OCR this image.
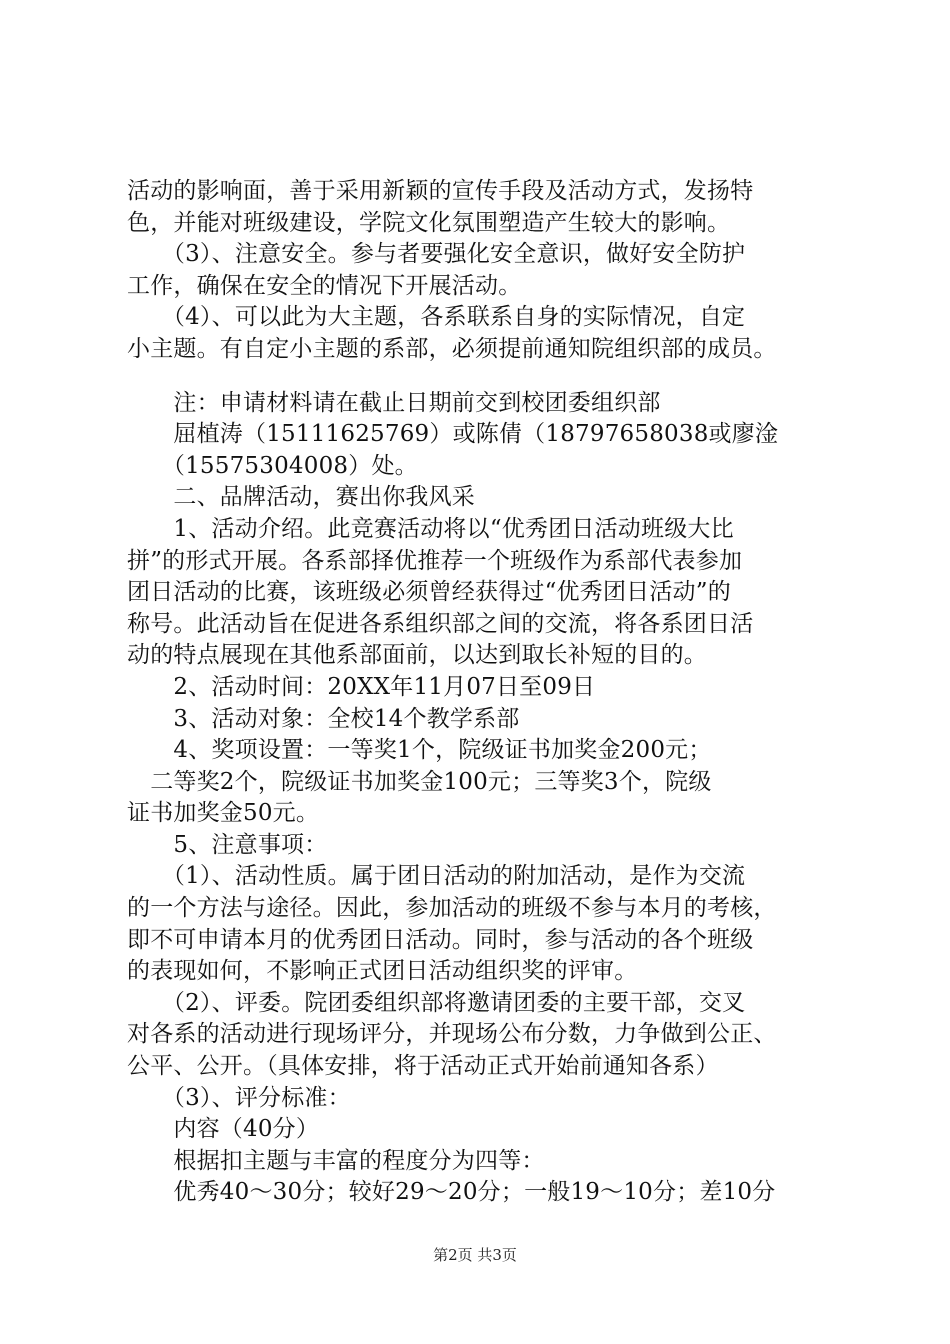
活动的影响面，善于采用新颖的宣传手段及活动方式，发扬特
色，并能对班级建设，学院文化氛围塑造产生较大的影响。
　　（3）、注意安全。参与者要强化安全意识，做好安全防护
工作，确保在安全的情况下开展活动。
　　（4）、可以此为大主题，各系联系自身的实际情况，自定
小主题。有自定小主题的系部，必须提前通知院组织部的成员。
　　注：申请材料请在截止日期前交到校团委组织部
　　屈植涛（15111625769）或陈倩（18797658038或廖淦
　　（15575304008）处。
　　二、品牌活动，赛出你我风采
　　1、活动介绍。此竞赛活动将以“优秀团日活动班级大比
拼”的形式开展。各系部择优推荐一个班级作为系部代表参加
团日活动的比赛，该班级必须曾经获得过“优秀团日活动”的
称号。此活动旨在促进各系组织部之间的交流，将各系团日活
动的特点展现在其他系部面前，以达到取长补短的目的。
　　2、活动时间：20XX年11月07日至09日
　　3、活动对象：全校14个教学系部
　　4、奖项设置：一等奖1个，院级证书加奖金200元；
　二等奖2个，院级证书加奖金100元；三等奖3个，院级
证书加奖金50元。
　　5、注意事项：
　　（1）、活动性质。属于团日活动的附加活动，是作为交流
的一个方法与途径。因此，参加活动的班级不参与本月的考核，
即不可申请本月的优秀团日活动。同时，参与活动的各个班级
的表现如何，不影响正式团日活动组织奖的评审。
　　（2）、评委。院团委组织部将邀请团委的主要干部，交叉
对各系的活动进行现场评分，并现场公布分数，力争做到公正、
公平、公开。（具体安排，将于活动正式开始前通知各系）
　　（3）、评分标准：
　　内容（40分）
　　根据扣主题与丰富的程度分为四等：
　　优秀40～30分；较好29～20分；一般19～10分；差10分
第2页 共3页
